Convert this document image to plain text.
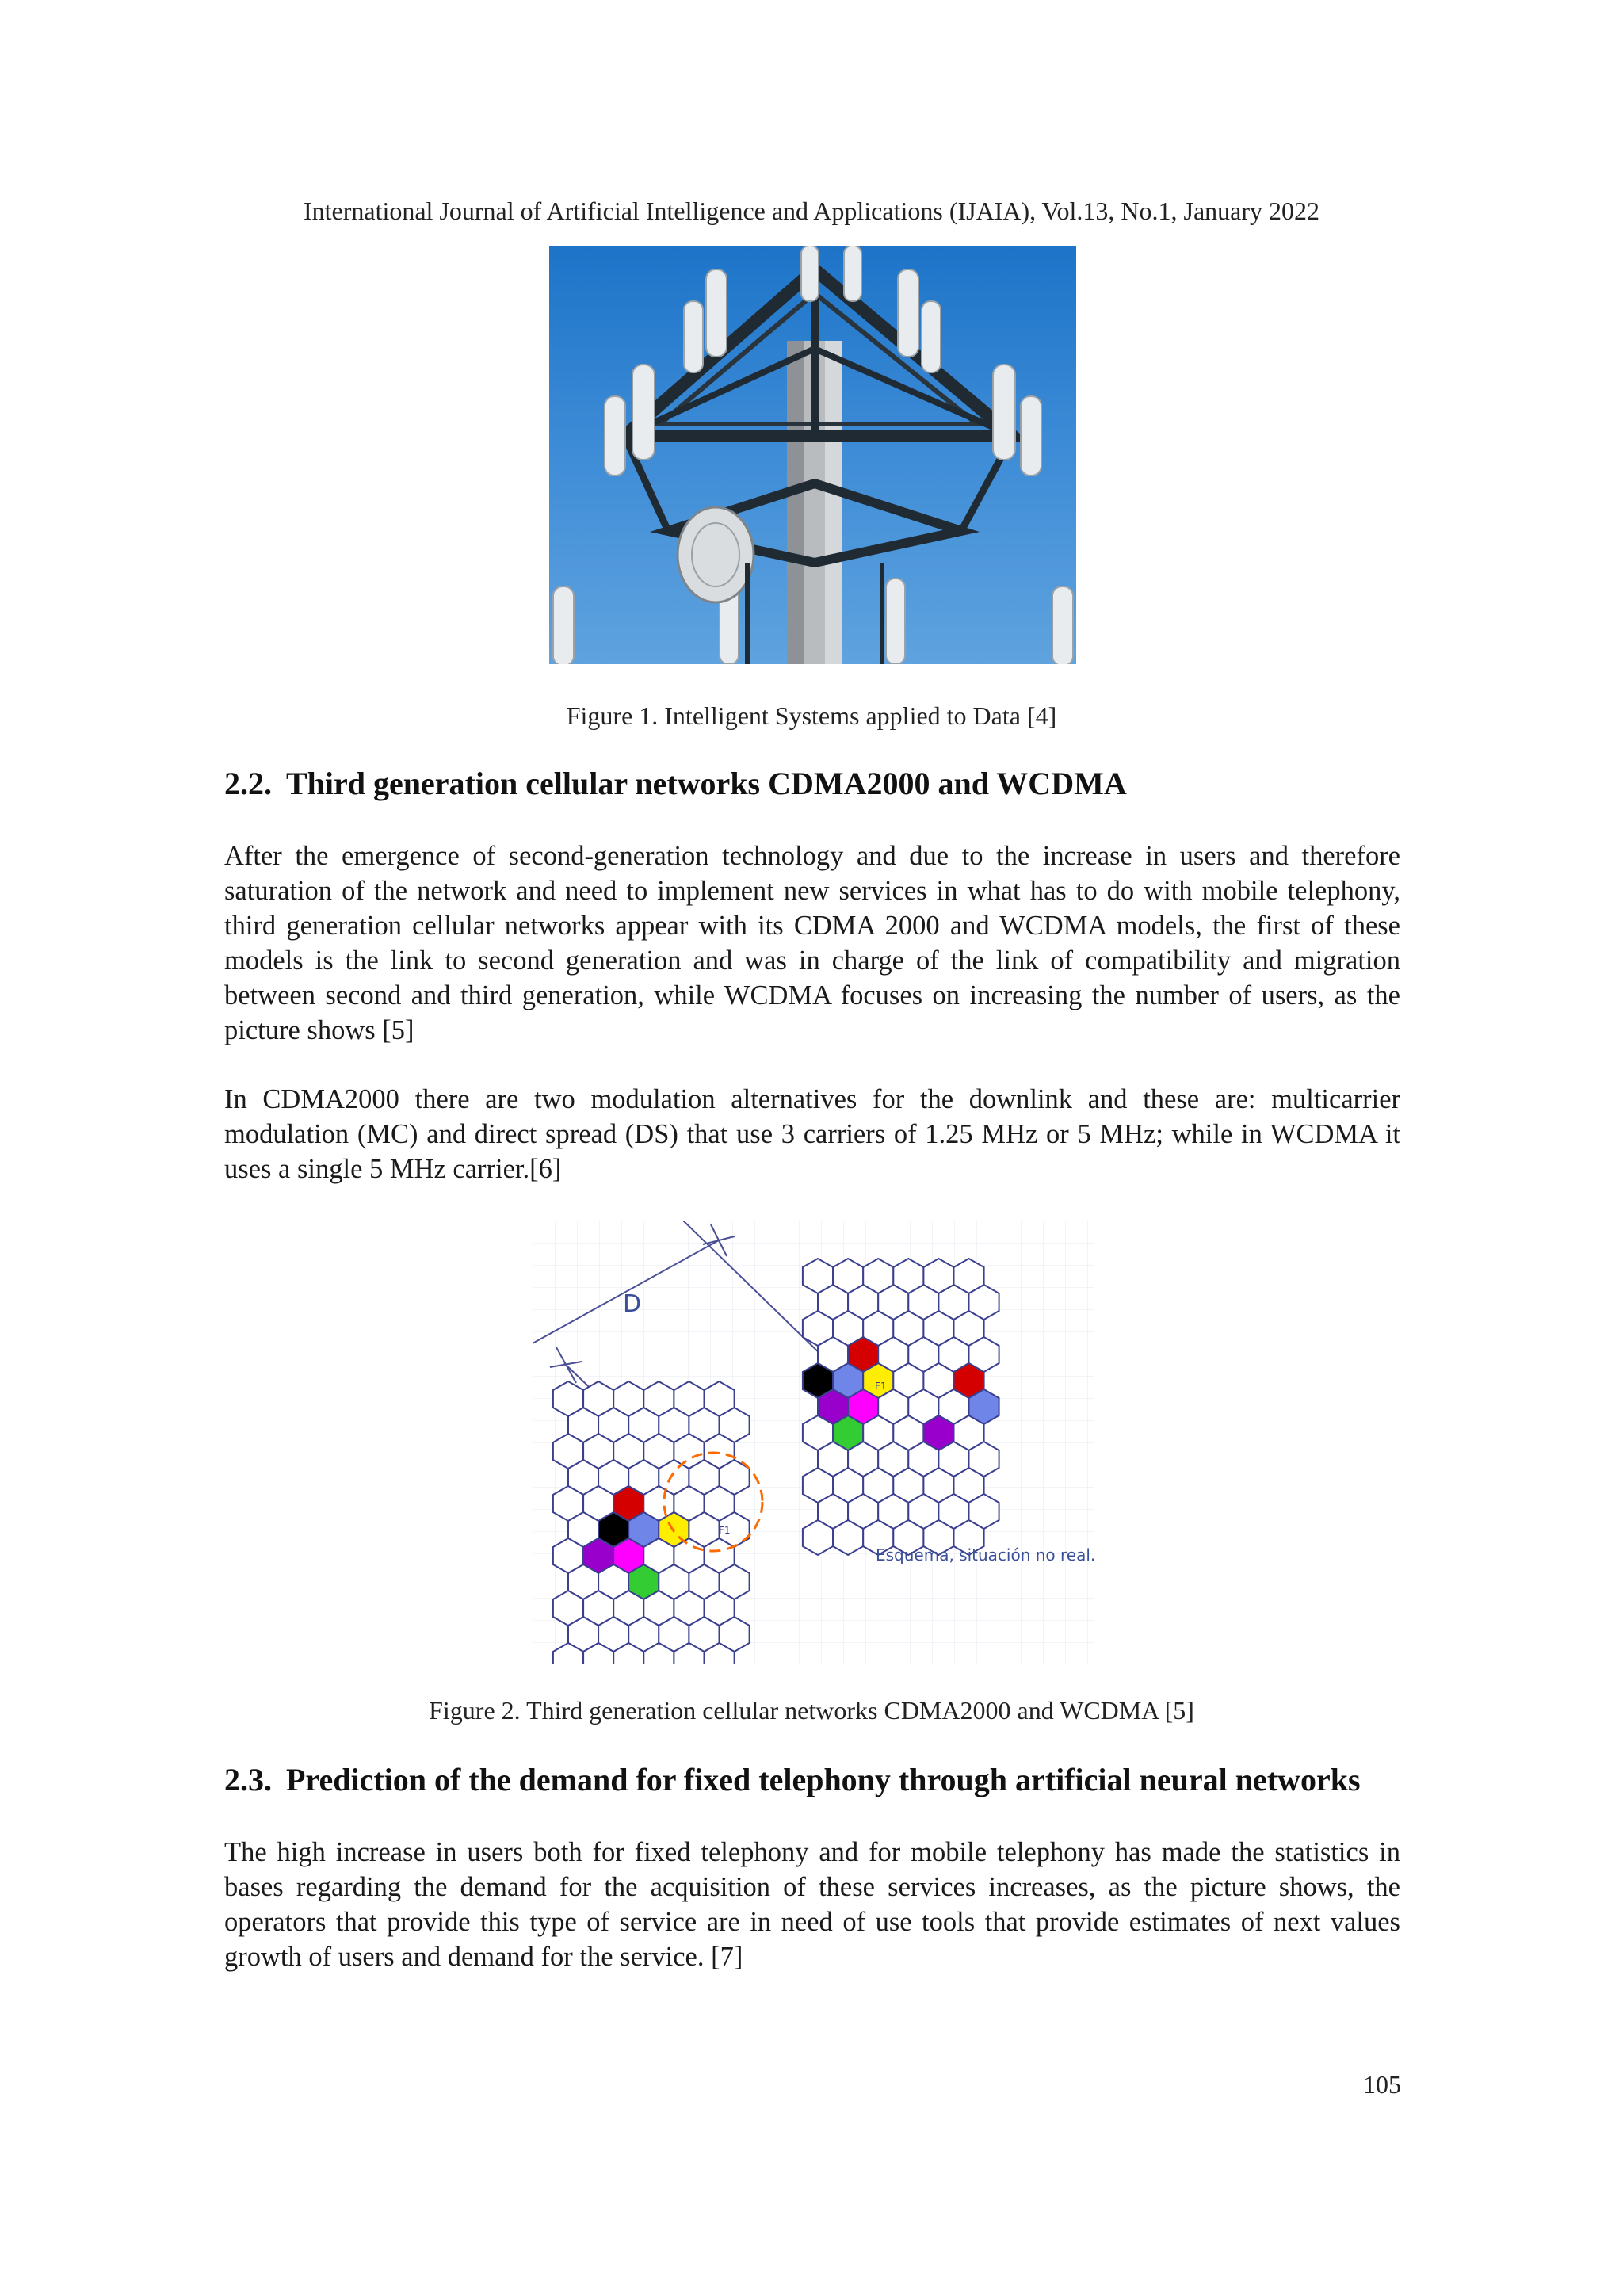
International Journal of Artificial Intelligence and Applications (IJAIA), Vol.13, No.1, January 2022
Figure 1. Intelligent Systems applied to Data [4]
2.2. Third generation cellular networks CDMA2000 and WCDMA
After the emergence of second-generation technology and due to the increase in users and therefore saturation of the network and need to implement new services in what has to do with mobile telephony, third generation cellular networks appear with its CDMA 2000 and WCDMA models, the first of these models is the link to second generation and was in charge of the link of compatibility and migration between second and third generation, while WCDMA focuses on increasing the number of users, as the picture shows [5]
In CDMA2000 there are two modulation alternatives for the downlink and these are: multicarrier modulation (MC) and direct spread (DS) that use 3 carriers of 1.25 MHz or 5 MHz; while in WCDMA it uses a single 5 MHz carrier.[6]
F1
F1
D
Esquema, situación no real.
Figure 2. Third generation cellular networks CDMA2000 and WCDMA [5]
2.3. Prediction of the demand for fixed telephony through artificial neural networks
The high increase in users both for fixed telephony and for mobile telephony has made the statistics in bases regarding the demand for the acquisition of these services increases, as the picture shows, the operators that provide this type of service are in need of use tools that provide estimates of next values growth of users and demand for the service. [7]
105
